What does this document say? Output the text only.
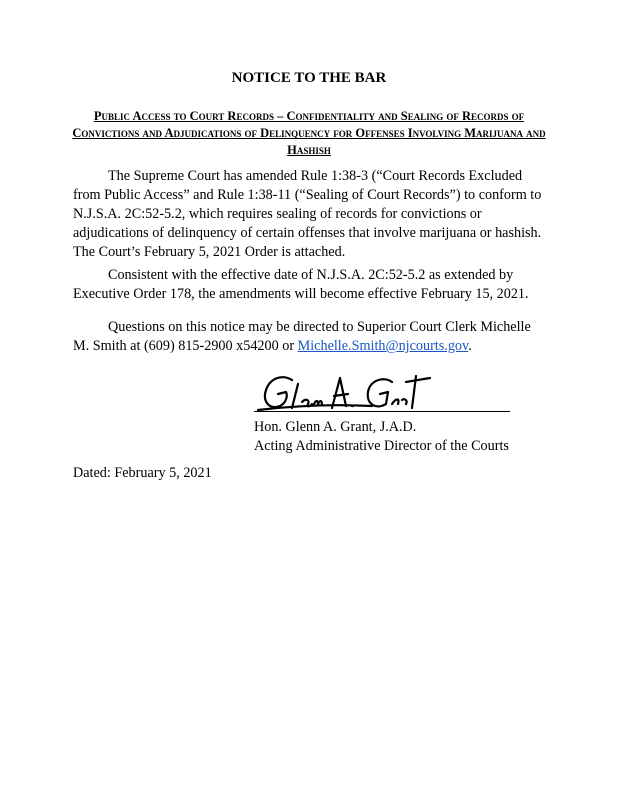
NOTICE TO THE BAR
Public Access to Court Records – Confidentiality and Sealing of Records of Convictions and Adjudications of Delinquency for Offenses Involving Marijuana and Hashish

The Supreme Court has amended Rule 1:38-3 (“Court Records Excluded from Public Access” and Rule 1:38-11 (“Sealing of Court Records”) to conform to N.J.S.A. 2C:52-5.2, which requires sealing of records for convictions or adjudications of delinquency of certain offenses that involve marijuana or hashish. The Court’s February 5, 2021 Order is attached.

Consistent with the effective date of N.J.S.A. 2C:52-5.2 as extended by Executive Order 178, the amendments will become effective February 15, 2021.

Questions on this notice may be directed to Superior Court Clerk Michelle M. Smith at (609) 815-2900 x54200 or Michelle.Smith@njcourts.gov.

Hon. Glenn A. Grant, J.A.D.
Acting Administrative Director of the Courts
Dated: February 5, 2021
